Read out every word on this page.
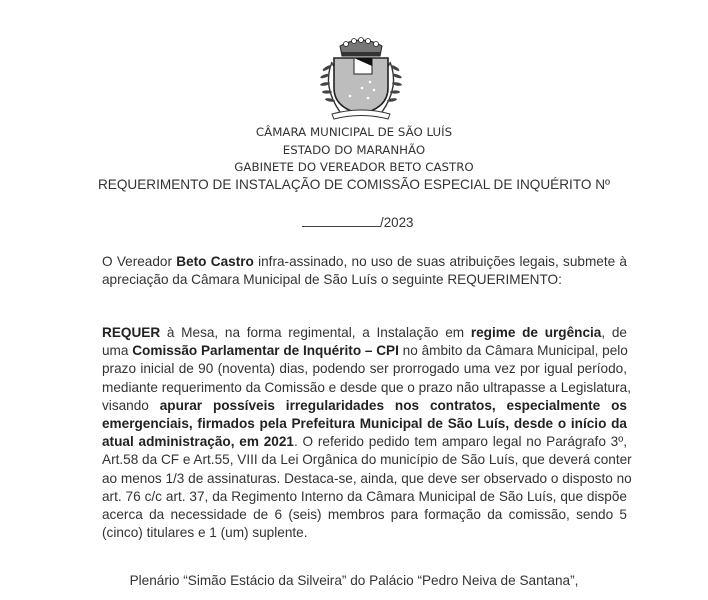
CÂMARA MUNICIPAL DE SÃO LUÍS
ESTADO DO MARANHÃO
GABINETE DO VEREADOR BETO CASTRO
REQUERIMENTO DE INSTALAÇÃO DE COMISSÃO ESPECIAL DE INQUÉRITO Nº
/2023
O Vereador Beto Castro infra-assinado, no uso de suas atribuições legais, submete à
apreciação da Câmara Municipal de São Luís o seguinte REQUERIMENTO:
REQUER à Mesa, na forma regimental, a Instalação em regime de urgência, de
uma Comissão Parlamentar de Inquérito – CPI no âmbito da Câmara Municipal, pelo
prazo inicial de 90 (noventa) dias, podendo ser prorrogado uma vez por igual período,
mediante requerimento da Comissão e desde que o prazo não ultrapasse a Legislatura,
visando apurar possíveis irregularidades nos contratos, especialmente os
emergenciais, firmados pela Prefeitura Municipal de São Luís, desde o início da
atual administração, em 2021. O referido pedido tem amparo legal no Parágrafo 3º,
Art.58 da CF e Art.55, VIII da Lei Orgânica do município de São Luís, que deverá conter
ao menos 1/3 de assinaturas. Destaca-se, ainda, que deve ser observado o disposto no
art. 76 c/c art. 37, da Regimento Interno da Câmara Municipal de São Luís, que dispõe
acerca da necessidade de 6 (seis) membros para formação da comissão, sendo 5
(cinco) titulares e 1 (um) suplente.
Plenário “Simão Estácio da Silveira” do Palácio “Pedro Neiva de Santana”,
